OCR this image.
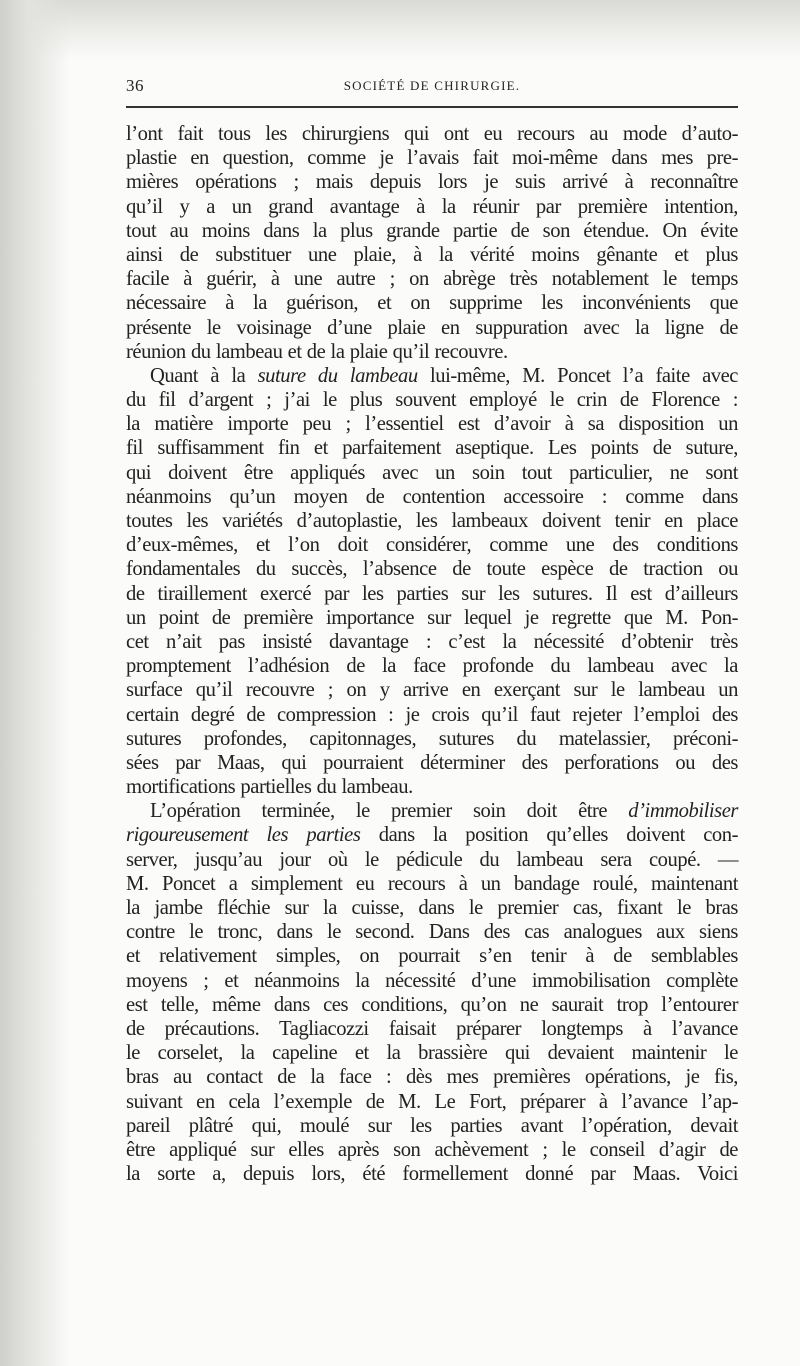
36	SOCIÉTÉ DE CHIRURGIE.
l’ont fait tous les chirurgiens qui ont eu recours au mode d’auto-
plastie en question, comme je l’avais fait moi-même dans mes pre-
mières opérations ; mais depuis lors je suis arrivé à reconnaître
qu’il y a un grand avantage à la réunir par première intention,
tout au moins dans la plus grande partie de son étendue. On évite
ainsi de substituer une plaie, à la vérité moins gênante et plus
facile à guérir, à une autre ; on abrège très notablement le temps
nécessaire à la guérison, et on supprime les inconvénients que
présente le voisinage d’une plaie en suppuration avec la ligne de
réunion du lambeau et de la plaie qu’il recouvre.
Quant à la suture du lambeau lui-même, M. Poncet l’a faite avec
du fil d’argent ; j’ai le plus souvent employé le crin de Florence :
la matière importe peu ; l’essentiel est d’avoir à sa disposition un
fil suffisamment fin et parfaitement aseptique. Les points de suture,
qui doivent être appliqués avec un soin tout particulier, ne sont
néanmoins qu’un moyen de contention accessoire : comme dans
toutes les variétés d’autoplastie, les lambeaux doivent tenir en place
d’eux-mêmes, et l’on doit considérer, comme une des conditions
fondamentales du succès, l’absence de toute espèce de traction ou
de tiraillement exercé par les parties sur les sutures. Il est d’ailleurs
un point de première importance sur lequel je regrette que M. Pon-
cet n’ait pas insisté davantage : c’est la nécessité d’obtenir très
promptement l’adhésion de la face profonde du lambeau avec la
surface qu’il recouvre ; on y arrive en exerçant sur le lambeau un
certain degré de compression : je crois qu’il faut rejeter l’emploi des
sutures profondes, capitonnages, sutures du matelassier, préconi-
sées par Maas, qui pourraient déterminer des perforations ou des
mortifications partielles du lambeau.
L’opération terminée, le premier soin doit être d’immobiliser
rigoureusement les parties dans la position qu’elles doivent con-
server, jusqu’au jour où le pédicule du lambeau sera coupé. —
M. Poncet a simplement eu recours à un bandage roulé, maintenant
la jambe fléchie sur la cuisse, dans le premier cas, fixant le bras
contre le tronc, dans le second. Dans des cas analogues aux siens
et relativement simples, on pourrait s’en tenir à de semblables
moyens ; et néanmoins la nécessité d’une immobilisation complète
est telle, même dans ces conditions, qu’on ne saurait trop l’entourer
de précautions. Tagliacozzi faisait préparer longtemps à l’avance
le corselet, la capeline et la brassière qui devaient maintenir le
bras au contact de la face : dès mes premières opérations, je fis,
suivant en cela l’exemple de M. Le Fort, préparer à l’avance l’ap-
pareil plâtré qui, moulé sur les parties avant l’opération, devait
être appliqué sur elles après son achèvement ; le conseil d’agir de
la sorte a, depuis lors, été formellement donné par Maas. Voici
